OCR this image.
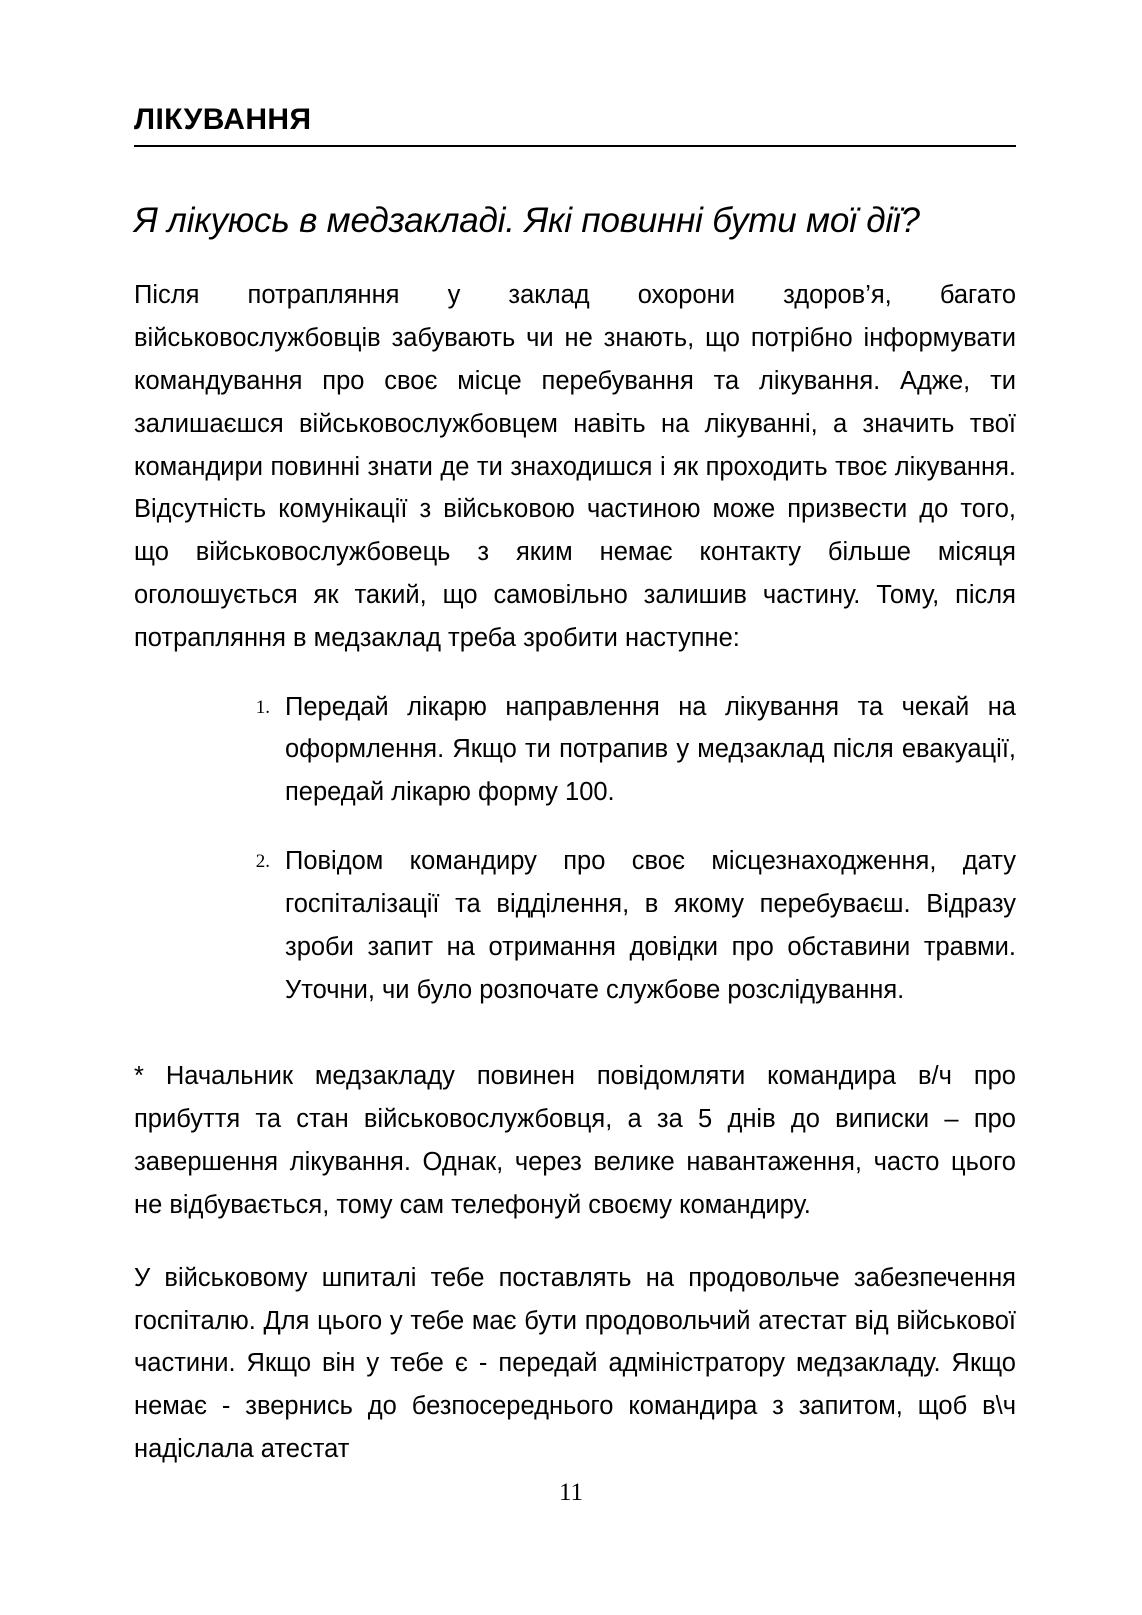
ЛІКУВАННЯ
Я лікуюсь в медзакладі. Які повинні бути мої дії?

Після потрапляння у заклад охорони здоров’я, багато військовослужбовців забувають чи не знають, що потрібно інформувати командування про своє місце перебування та лікування. Адже, ти залишаєшся військовослужбовцем навіть на лікуванні, а значить твої командири повинні знати де ти знаходишся і як проходить твоє лікування. Відсутність комунікації з військовою частиною може призвести до того, що військовослужбовець з яким немає контакту більше місяця оголошується як такий, що самовільно залишив частину. Тому, після потрапляння в медзаклад треба зробити наступне:

1. Передай лікарю направлення на лікування та чекай на оформлення. Якщо ти потрапив у медзаклад після евакуації, передай лікарю форму 100.
2. Повідом командиру про своє місцезнаходження, дату госпіталізації та відділення, в якому перебуваєш. Відразу зроби запит на отримання довідки про обставини травми. Уточни, чи було розпочате службове розслідування.

* Начальник медзакладу повинен повідомляти командира в/ч про прибуття та стан військовослужбовця, а за 5 днів до виписки – про завершення лікування. Однак, через велике навантаження, часто цього не відбувається, тому сам телефонуй своєму командиру.

У військовому шпиталі тебе поставлять на продовольче забезпечення госпіталю. Для цього у тебе має бути продовольчий атестат від військової частини. Якщо він у тебе є - передай адміністратору медзакладу. Якщо немає - звернись до безпосереднього командира з запитом, щоб в\ч надіслала атестат

11
